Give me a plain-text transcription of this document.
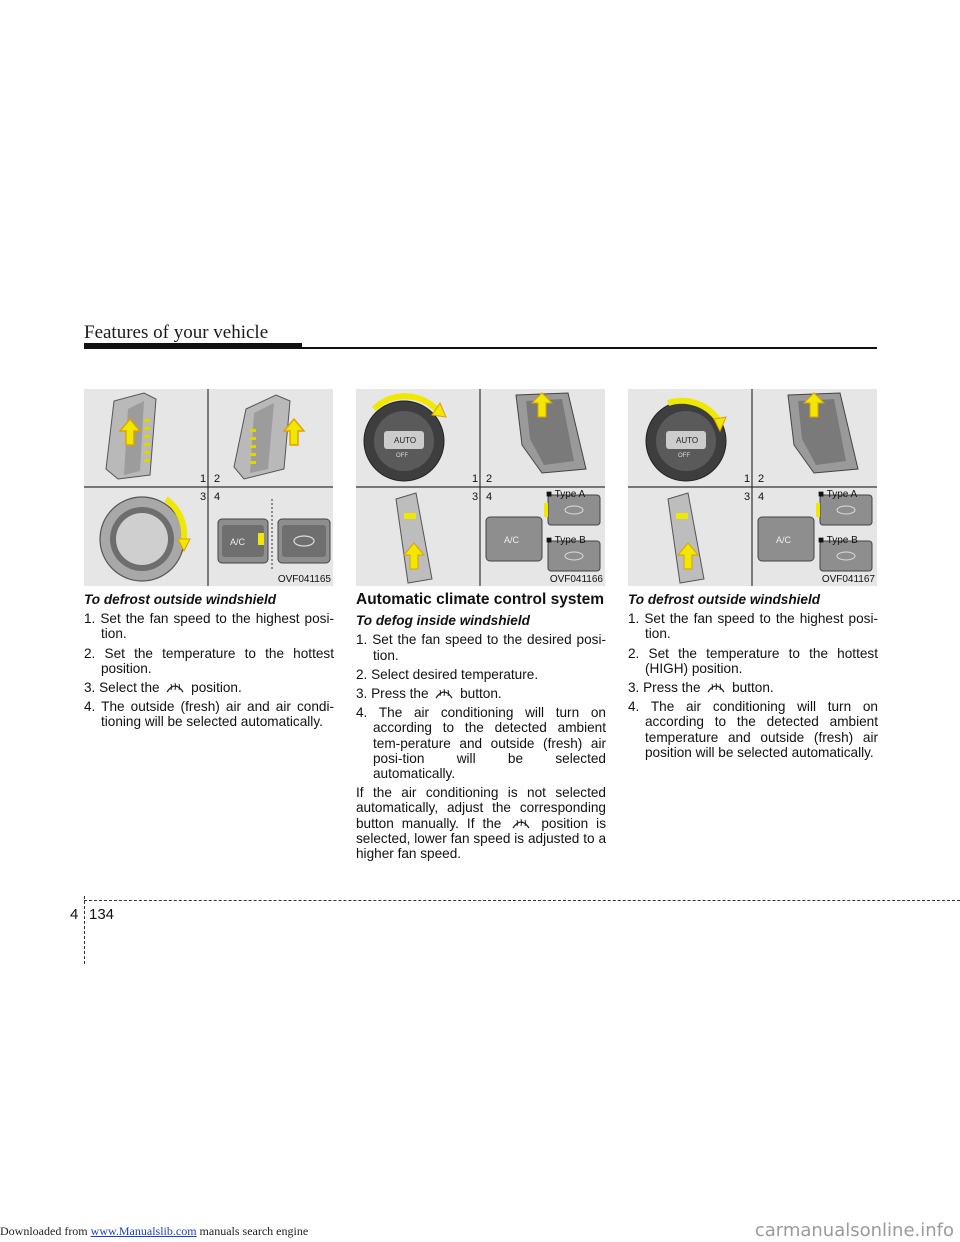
Features of your vehicle
A/C
1 2
3 4
OVF041165
AUTO
OFF
A/C
1 2
3 4	■ Type A
■ Type B
OVF041166
AUTO
OFF
A/C
1 2
3 4	■ Type A
■ Type B
OVF041167

To defrost outside windshield

1. Set the fan speed to the highest posi-tion.

2. Set the temperature to the hottest position.

3. Select the position.

4. The outside (fresh) air and air condi-tioning will be selected automatically.

Automatic climate control system

To defog inside windshield

1. Set the fan speed to the desired posi-tion.

2. Select desired temperature.

3. Press the button.

4. The air conditioning will turn on according to the detected ambient tem-perature and outside (fresh) air posi-tion will be selected automatically.

If the air conditioning is not selected automatically, adjust the corresponding button manually. If the	position is selected, lower fan speed is adjusted to a higher fan speed.

To defrost outside windshield

1. Set the fan speed to the highest posi-tion.

2. Set the temperature to the hottest (HIGH) position.

3. Press the button.

4. The air conditioning will turn on according to the detected ambient temperature and outside (fresh) air position will be selected automatically.

4 134
Downloaded from www.Manualslib.com manuals search engine	carmanualsonline.info
